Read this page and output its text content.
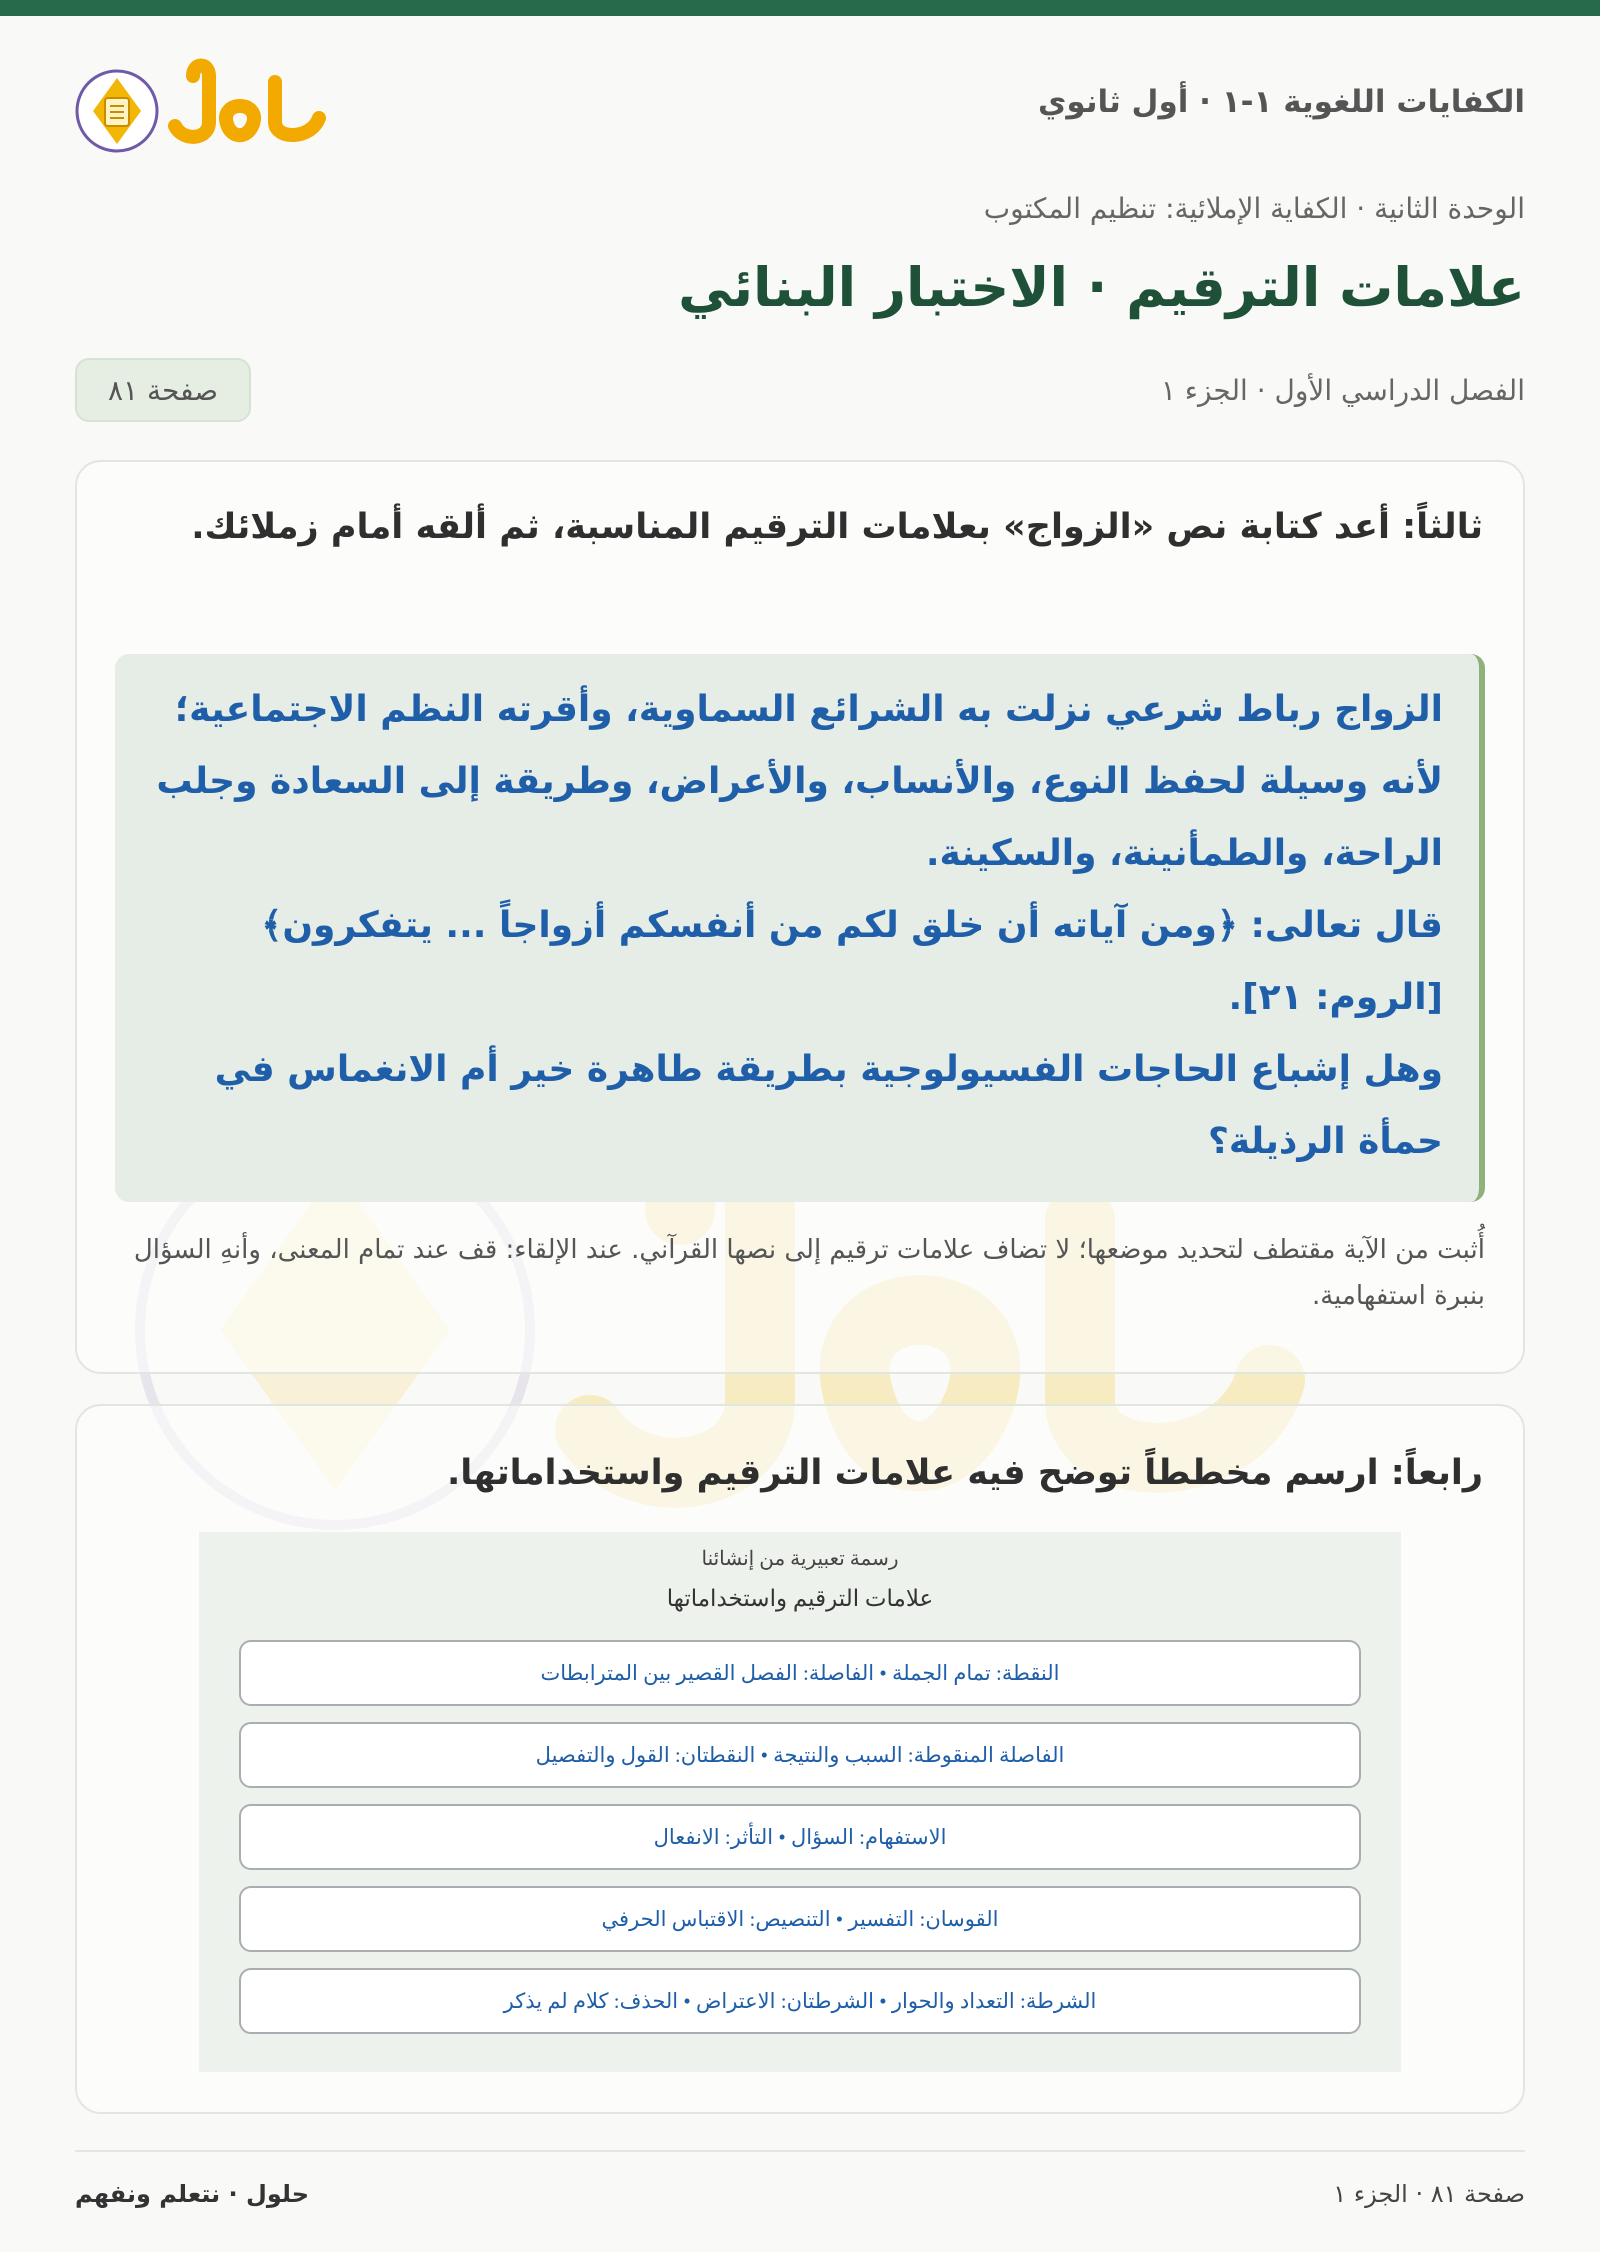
الكفايات اللغوية ١-١ · أول ثانوي
الوحدة الثانية · الكفاية الإملائية: تنظيم المكتوب
علامات الترقيم · الاختبار البنائي
الفصل الدراسي الأول · الجزء ١
صفحة ٨١
ثالثاً: أعد كتابة نص «الزواج» بعلامات الترقيم المناسبة، ثم ألقه أمام زملائك.

الزواج رباط شرعي نزلت به الشرائع السماوية، وأقرته النظم الاجتماعية؛ لأنه وسيلة لحفظ النوع، والأنساب، والأعراض، وطريقة إلى السعادة وجلب الراحة، والطمأنينة، والسكينة.

قال تعالى: ﴿ومن آياته أن خلق لكم من أنفسكم أزواجاً ... يتفكرون﴾ [الروم: ٢١].

وهل إشباع الحاجات الفسيولوجية بطريقة طاهرة خير أم الانغماس في حمأة الرذيلة؟

أُثبت من الآية مقتطف لتحديد موضعها؛ لا تضاف علامات ترقيم إلى نصها القرآني. عند الإلقاء: قف عند تمام المعنى، وأنهِ السؤال بنبرة استفهامية.
رابعاً: ارسم مخططاً توضح فيه علامات الترقيم واستخداماتها.
رسمة تعبيرية من إنشائنا
علامات الترقيم واستخداماتها
النقطة: تمام الجملة • الفاصلة: الفصل القصير بين المترابطات
الفاصلة المنقوطة: السبب والنتيجة • النقطتان: القول والتفصيل
الاستفهام: السؤال • التأثر: الانفعال
القوسان: التفسير • التنصيص: الاقتباس الحرفي
الشرطة: التعداد والحوار • الشرطتان: الاعتراض • الحذف: كلام لم يذكر
صفحة ٨١ · الجزء ١
حلول · نتعلم ونفهم
